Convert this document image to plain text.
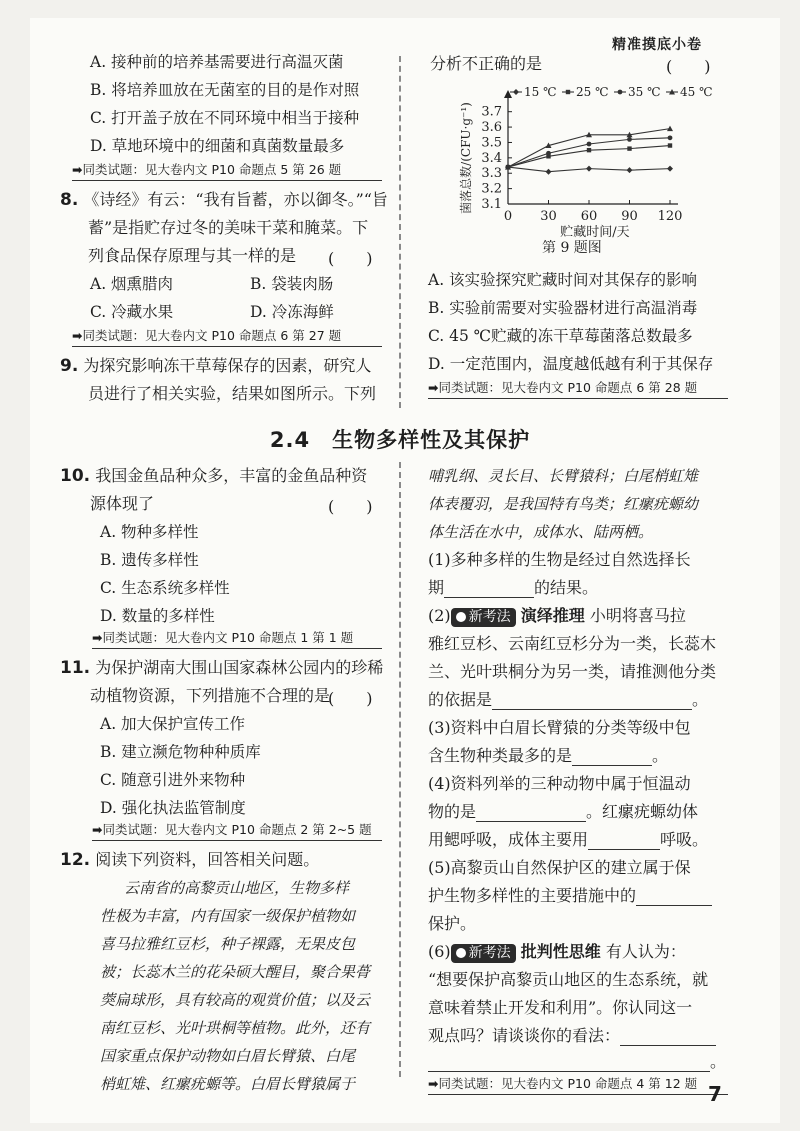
精准摸底小卷
A. 接种前的培养基需要进行高温灭菌
B. 将培养皿放在无菌室的目的是作对照
C. 打开盖子放在不同环境中相当于接种
D. 草地环境中的细菌和真菌数量最多
➡同类试题：见大卷内文 P10 命题点 5 第 26 题
8. 《诗经》有云：“我有旨蓄，亦以御冬。”“旨
蓄”是指贮存过冬的美味干菜和腌菜。下
列食品保存原理与其一样的是 (　　)
A. 烟熏腊肉	B. 袋装肉肠
C. 冷藏水果	D. 冷冻海鲜
➡同类试题：见大卷内文 P10 命题点 6 第 27 题
9. 为探究影响冻干草莓保存的因素，研究人
员进行了相关实验，结果如图所示。下列
分析不正确的是	(　　)
3.1
3.2
3.3
3.4
3.5
3.6
3.7
0 30 60 90 120
贮藏时间/天
菌落总数/(CFU·g⁻¹)
15 ℃ 25 ℃ 35 ℃ 45 ℃
第 9 题图
A. 该实验探究贮藏时间对其保存的影响
B. 实验前需要对实验器材进行高温消毒
C. 45 ℃贮藏的冻干草莓菌落总数最多
D. 一定范围内，温度越低越有利于其保存
➡同类试题：见大卷内文 P10 命题点 6 第 28 题
2.4　生物多样性及其保护
10. 我国金鱼品种众多，丰富的金鱼品种资
源体现了	(　　)
A. 物种多样性
B. 遗传多样性
C. 生态系统多样性
D. 数量的多样性
➡同类试题：见大卷内文 P10 命题点 1 第 1 题
11. 为保护湖南大围山国家森林公园内的珍稀
动植物资源，下列措施不合理的是
(　　)
A. 加大保护宣传工作
B. 建立濒危物种种质库
C. 随意引进外来物种
D. 强化执法监管制度
➡同类试题：见大卷内文 P10 命题点 2 第 2~5 题
12. 阅读下列资料，回答相关问题。
云南省的高黎贡山地区，生物多样
性极为丰富，内有国家一级保护植物如
喜马拉雅红豆杉，种子裸露，无果皮包
被；长蕊木兰的花朵硕大醒目，聚合果蓇
葖扁球形，具有较高的观赏价值；以及云
南红豆杉、光叶珙桐等植物。此外，还有
国家重点保护动物如白眉长臂猿、白尾
梢虹雉、红瘰疣螈等。白眉长臂猿属于
哺乳纲、灵长目、长臂猿科；白尾梢虹雉
体表覆羽，是我国特有鸟类；红瘰疣螈幼
体生活在水中，成体水、陆两栖。
(1)多种多样的生物是经过自然选择长
期	的结果。
(2) 新考法 演绎推理 小明将喜马拉
雅红豆杉、云南红豆杉分为一类，长蕊木
兰、光叶珙桐分为另一类，请推测他分类
的依据是	。
(3)资料中白眉长臂猿的分类等级中包
含生物种类最多的是	。
(4)资料列举的三种动物中属于恒温动
物的是	。红瘰疣螈幼体
用鳃呼吸，成体主要用	呼吸。
(5)高黎贡山自然保护区的建立属于保
护生物多样性的主要措施中的
保护。
(6) 新考法 批判性思维 有人认为：
“想要保护高黎贡山地区的生态系统，就
意味着禁止开发和利用”。你认同这一
观点吗？请谈谈你的看法：
。
➡同类试题：见大卷内文 P10 命题点 4 第 12 题 7
